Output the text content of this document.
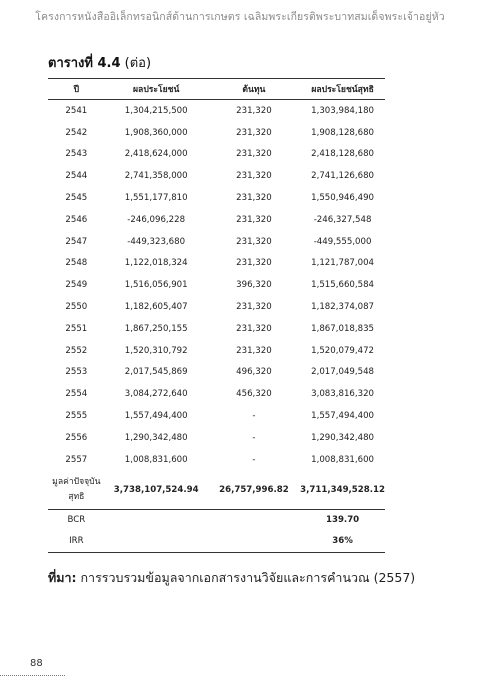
โครงการหนังสืออิเล็กทรอนิกส์ด้านการเกษตร เฉลิมพระเกียรติพระบาทสมเด็จพระเจ้าอยู่หัว
ตารางที่ 4.4 (ต่อ)
ปี	ผลประโยชน์	ต้นทุน	ผลประโยชน์สุทธิ
2541	1,304,215,500	231,320	1,303,984,180
2542	1,908,360,000	231,320	1,908,128,680
2543	2,418,624,000	231,320	2,418,128,680
2544	2,741,358,000	231,320	2,741,126,680
2545	1,551,177,810	231,320	1,550,946,490
2546	-246,096,228	231,320	-246,327,548
2547	-449,323,680	231,320	-449,555,000
2548	1,122,018,324	231,320	1,121,787,004
2549	1,516,056,901	396,320	1,515,660,584
2550	1,182,605,407	231,320	1,182,374,087
2551	1,867,250,155	231,320	1,867,018,835
2552	1,520,310,792	231,320	1,520,079,472
2553	2,017,545,869	496,320	2,017,049,548
2554	3,084,272,640	456,320	3,083,816,320
2555	1,557,494,400	-	1,557,494,400
2556	1,290,342,480	-	1,290,342,480
2557	1,008,831,600	-	1,008,831,600
มูลค่าปัจจุบัน
สุทธิ	3,738,107,524.94	26,757,996.82	3,711,349,528.12
BCR			139.70
IRR			36%
ที่มา: การรวบรวมข้อมูลจากเอกสารงานวิจัยและการคำนวณ (2557)
88
